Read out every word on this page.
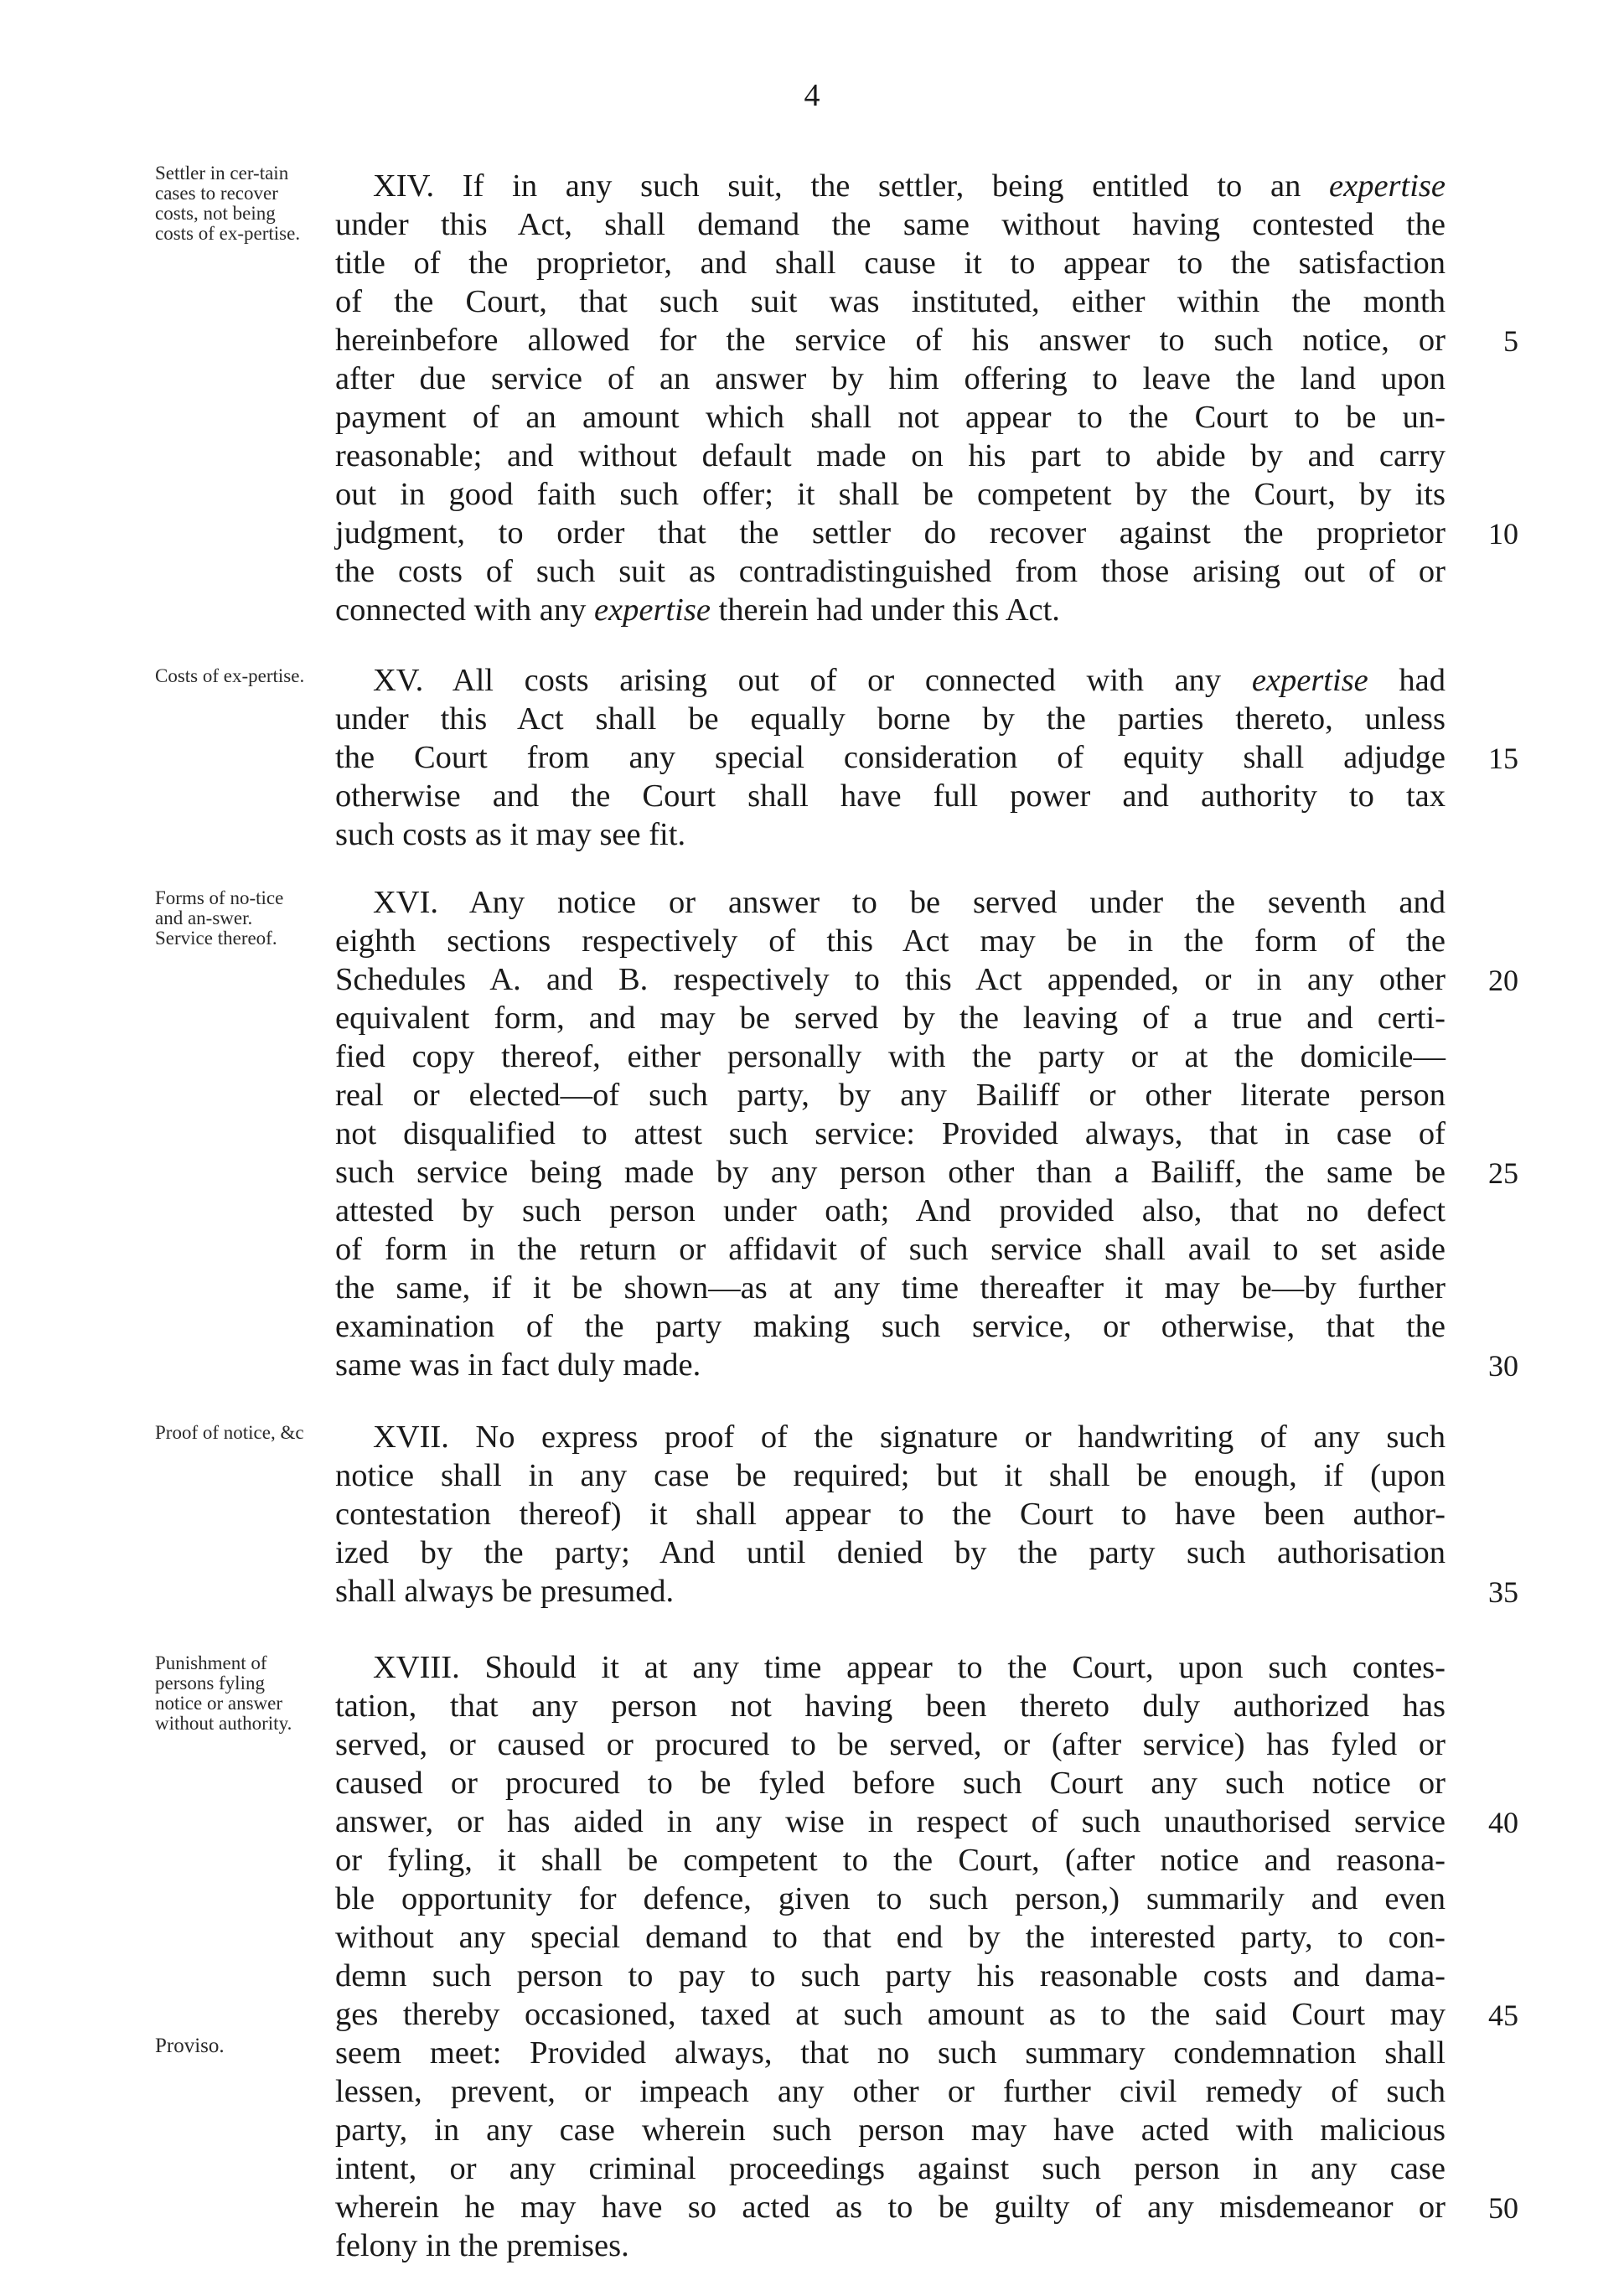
4
Settler in cer-tain cases to recover costs, not being costs of ex-pertise.
XIV. If in any such suit, the settler, being entitled to an expertise
under this Act, shall demand the same without having contested the
title of the proprietor, and shall cause it to appear to the satisfaction
of the Court, that such suit was instituted, either within the month
hereinbefore allowed for the service of his answer to such notice, or	5
after due service of an answer by him offering to leave the land upon
payment of an amount which shall not appear to the Court to be un-
reasonable; and without default made on his part to abide by and carry
out in good faith such offer; it shall be competent by the Court, by its
judgment, to order that the settler do recover against the proprietor	10
the costs of such suit as contradistinguished from those arising out of or
connected with any expertise therein had under this Act.
Costs of ex-pertise. XV. All costs arising out of or connected with any expertise had
under this Act shall be equally borne by the parties thereto, unless
the Court from any special consideration of equity shall adjudge	15
otherwise and the Court shall have full power and authority to tax
such costs as it may see fit.
Forms of no-tice and an-swer. Service thereof.
XVI. Any notice or answer to be served under the seventh and
eighth sections respectively of this Act may be in the form of the
Schedules A. and B. respectively to this Act appended, or in any other	20
equivalent form, and may be served by the leaving of a true and certi-
fied copy thereof, either personally with the party or at the domicile—
real or elected—of such party, by any Bailiff or other literate person
not disqualified to attest such service: Provided always, that in case of
such service being made by any person other than a Bailiff, the same be	25
attested by such person under oath; And provided also, that no defect
of form in the return or affidavit of such service shall avail to set aside
the same, if it be shown—as at any time thereafter it may be—by further
examination of the party making such service, or otherwise, that the
same was in fact duly made.	30
Proof of notice, &c XVII. No express proof of the signature or handwriting of any such
notice shall in any case be required; but it shall be enough, if (upon
contestation thereof) it shall appear to the Court to have been author-
ized by the party; And until denied by the party such authorisation
shall always be presumed.	35
Punishment of persons fyling notice or answer without authority.
Proviso.
XVIII. Should it at any time appear to the Court, upon such contes-
tation, that any person not having been thereto duly authorized has
served, or caused or procured to be served, or (after service) has fyled or
caused or procured to be fyled before such Court any such notice or
answer, or has aided in any wise in respect of such unauthorised service	40
or fyling, it shall be competent to the Court, (after notice and reasona-
ble opportunity for defence, given to such person,) summarily and even
without any special demand to that end by the interested party, to con-
demn such person to pay to such party his reasonable costs and dama-
ges thereby occasioned, taxed at such amount as to the said Court may	45
seem meet: Provided always, that no such summary condemnation shall
lessen, prevent, or impeach any other or further civil remedy of such
party, in any case wherein such person may have acted with malicious
intent, or any criminal proceedings against such person in any case
wherein he may have so acted as to be guilty of any misdemeanor or	50
felony in the premises.
